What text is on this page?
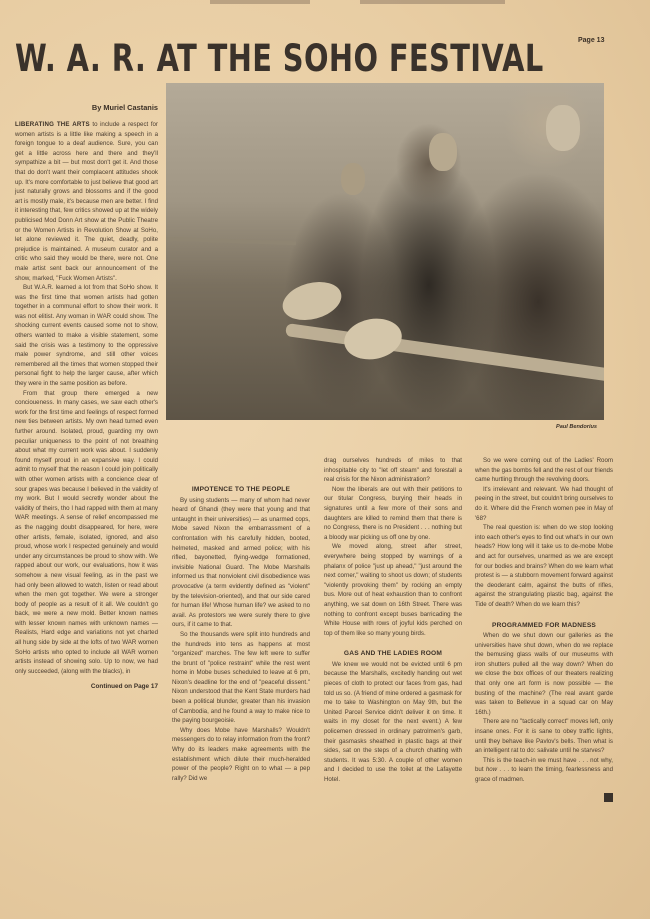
Page 13
W. A. R. AT THE SOHO FESTIVAL
By Muriel Castanis
Paul Bendorius

LIBERATING THE ARTS to include a respect for women artists is a little like making a speech in a foreign tongue to a deaf audience. Sure, you can get a little across here and there and they'll sympathize a bit — but most don't get it. And those that do don't want their complacent attitudes shook up. It's more comfortable to just believe that good art just naturally grows and blossoms and if the good art is mostly male, it's because men are better. I find it interesting that, few critics showed up at the widely publicised Mod Donn Art show at the Public Theatre or the Women Artists in Revolution Show at SoHo, let alone reviewed it. The quiet, deadly, polite prejudice is maintained. A museum curator and a critic who said they would be there, were not. One male artist sent back our announcement of the show, marked, "Fuck Women Artists".

But W.A.R. learned a lot from that SoHo show. It was the first time that women artists had gotten together in a communal effort to show their work. It was not elitist. Any woman in WAR could show. The shocking current events caused some not to show, others wanted to make a visible statement, some said the crisis was a testimony to the oppressive male power syndrome, and still other voices remembered all the times that women stopped their personal fight to help the larger cause, after which they were in the same position as before.

From that group there emerged a new concioueness. In many cases, we saw each other's work for the first time and feelings of respect formed new ties between artists. My own head turned even further around. Isolated, proud, guarding my own peculiar uniqueness to the point of not breathing about what my current work was about. I suddenly found myself proud in an expansive way. I could admit to myself that the reason I could join politically with other women artists with a concience clear of sour grapes was because I believed in the validity of my work. But I would secretly wonder about the validity of theirs, tho I had rapped with them at many WAR meetings. A sense of relief encompassed me as the nagging doubt disappeared, for here, were other artists, female, isolated, ignored, and also proud, whose work I respected genuinely and would under any circumstances be proud to show with. We rapped about our work, our evaluations, how it was somehow a new visual feeling, as in the past we had only been allowed to watch, listen or read about when the men got together. We were a stronger body of people as a result of it all. We couldn't go back, we were a new mold. Better known names with lesser known names with unknown names — Realists, Hard edge and variations not yet charted all hung side by side at the lofts of two WAR women SoHo artists who opted to include all WAR women artists instead of showing solo. Up to now, we had only succeeded, (along with the blacks), in

Continued on Page 17
IMPOTENCE TO THE PEOPLE

By using students — many of whom had never heard of Ghandi (they were that young and that untaught in their universities) — as unarmed cops, Mobe saved Nixon the embarrassment of a confrontation with his carefully hidden, booted, helmeted, masked and armed police; with his rifled, bayonetted, flying-wedge formationed, invisible National Guard. The Mobe Marshalls informed us that nonviolent civil disobedience was provocative (a term evidently defined as "violent" by the television-oriented), and that our side cared for human life! Whose human life? we asked to no avail. As protestors we were surely there to give ours, if it came to that.

So the thousands were split into hundreds and the hundreds into tens as happens at most "organized" marches. The few left were to suffer the brunt of "police restraint" while the rest went home in Mobe buses scheduled to leave at 6 pm, Nixon's deadline for the end of "peaceful dissent." Nixon understood that the Kent State murders had been a political blunder, greater than his invasion of Cambodia, and he found a way to make nice to the paying bourgeoisie.

Why does Mobe have Marshalls? Wouldn't messengers do to relay information from the front? Why do its leaders make agreements with the establishment which dilute their much-heralded power of the people? Right on to what — a pep rally? Did we

drag ourselves hundreds of miles to that inhospitable city to "let off steam" and forestall a real crisis for the Nixon administration?

Now the liberals are out with their petitions to our titular Congress, burying their heads in signatures until a few more of their sons and daughters are killed to remind them that there is no Congress, there is no President . . . nothing but a bloody war picking us off one by one.

We moved along, street after street, everywhere being stopped by warnings of a phalanx of police "just up ahead," "just around the next corner," waiting to shoot us down; of students "violently provoking them" by rocking an empty bus. More out of heat exhaustion than to confront anything, we sat down on 16th Street. There was nothing to confront except buses barricading the White House with rows of joyful kids perched on top of them like so many young birds.

GAS AND THE LADIES ROOM

We knew we would not be evicted until 6 pm because the Marshalls, excitedly handing out wet pieces of cloth to protect our faces from gas, had told us so. (A friend of mine ordered a gasmask for me to take to Washington on May 9th, but the United Parcel Service didn't deliver it on time. It waits in my closet for the next event.) A few policemen dressed in ordinary patrolmen's garb, their gasmasks sheathed in plastic bags at their sides, sat on the steps of a church chatting with students. It was 5:30. A couple of other women and I decided to use the toilet at the Lafayette Hotel.

So we were coming out of the Ladies' Room when the gas bombs fell and the rest of our friends came hurtling through the revolving doors.

It's irrelevant and relevant. We had thought of peeing in the street, but couldn't bring ourselves to do it. Where did the French women pee in May of '68?

The real question is: when do we stop looking into each other's eyes to find out what's in our own heads? How long will it take us to de-mobe Mobe and act for ourselves, unarmed as we are except for our bodies and brains? When do we learn what protest is — a stubborn movement forward against the deoderant calm, against the butts of rifles, against the strangulating plastic bag, against the Tide of death? When do we learn this?

PROGRAMMED FOR MADNESS

When do we shut down our galleries as the universities have shut down, when do we replace the bemusing glass walls of our museums with iron shutters pulled all the way down? When do we close the box offices of our theaters realizing that only one art form is now possible — the busting of the machine? (The real avant garde was taken to Bellevue in a squad car on May 16th.)

There are no "tactically correct" moves left, only insane ones. For it is sane to obey traffic lights, until they behave like Pavlov's bells. Then what is an intelligent rat to do: salivate until he starves?

This is the teach-in we must have . . . not why, but how . . . to learn the timing, fearlessness and grace of madmen.
